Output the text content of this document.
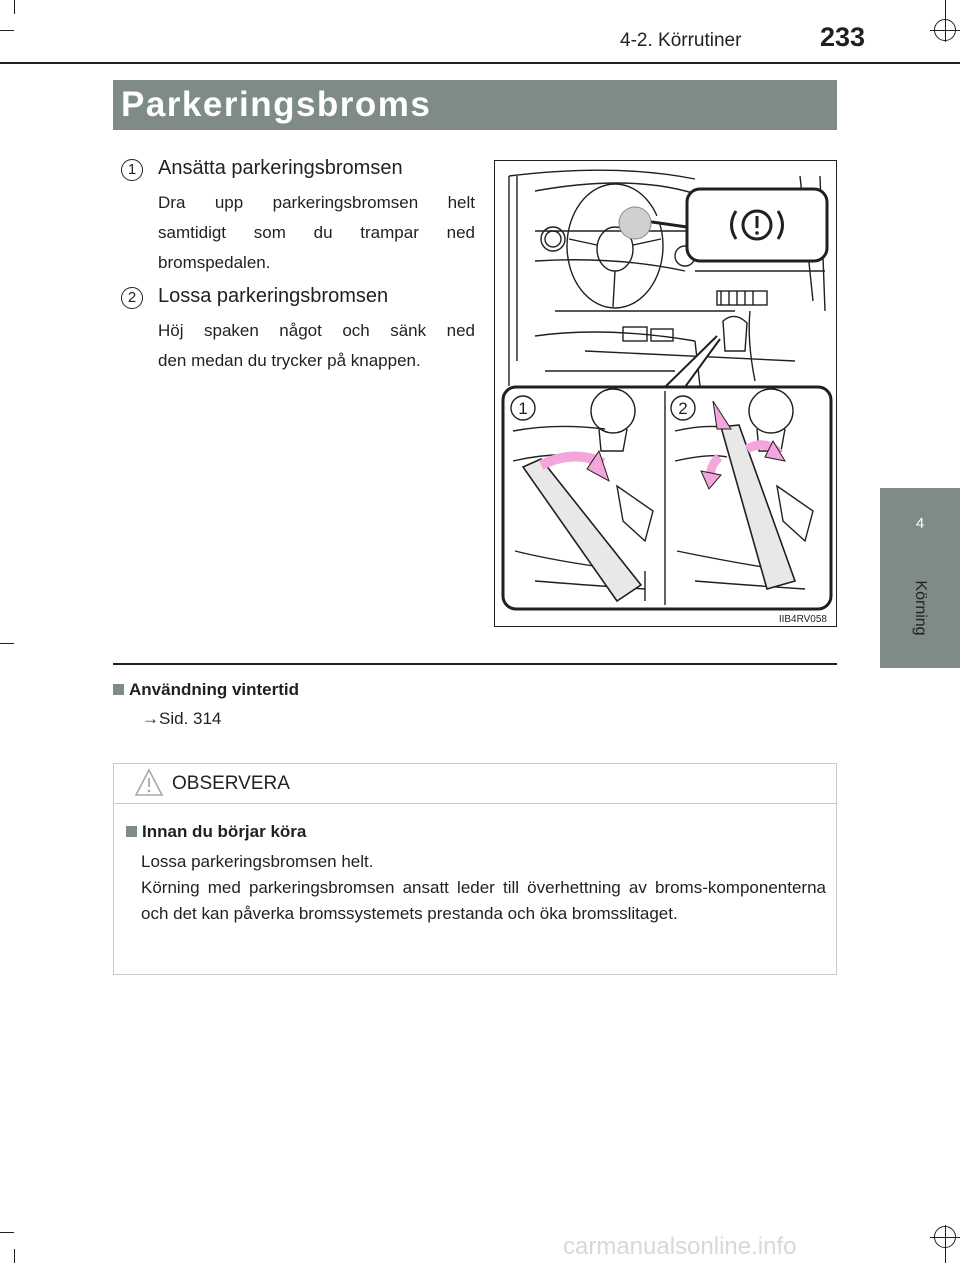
4-2. Körrutiner	233
4
Körning
Parkeringsbroms
1	Ansätta parkeringsbromsen
Dra upp parkeringsbromsen helt
samtidigt som du trampar ned
bromspedalen.
2	Lossa parkeringsbromsen
Höj spaken något och sänk ned
den medan du trycker på knappen.
1	2
IIB4RV058
Användning vintertid
→Sid. 314
OBSERVERA
Innan du börjar köra

Lossa parkeringsbromsen helt.

Körning med parkeringsbromsen ansatt leder till överhettning av broms-komponenterna och det kan påverka bromssystemets prestanda och öka bromsslitaget.

carmanualsonline.info
